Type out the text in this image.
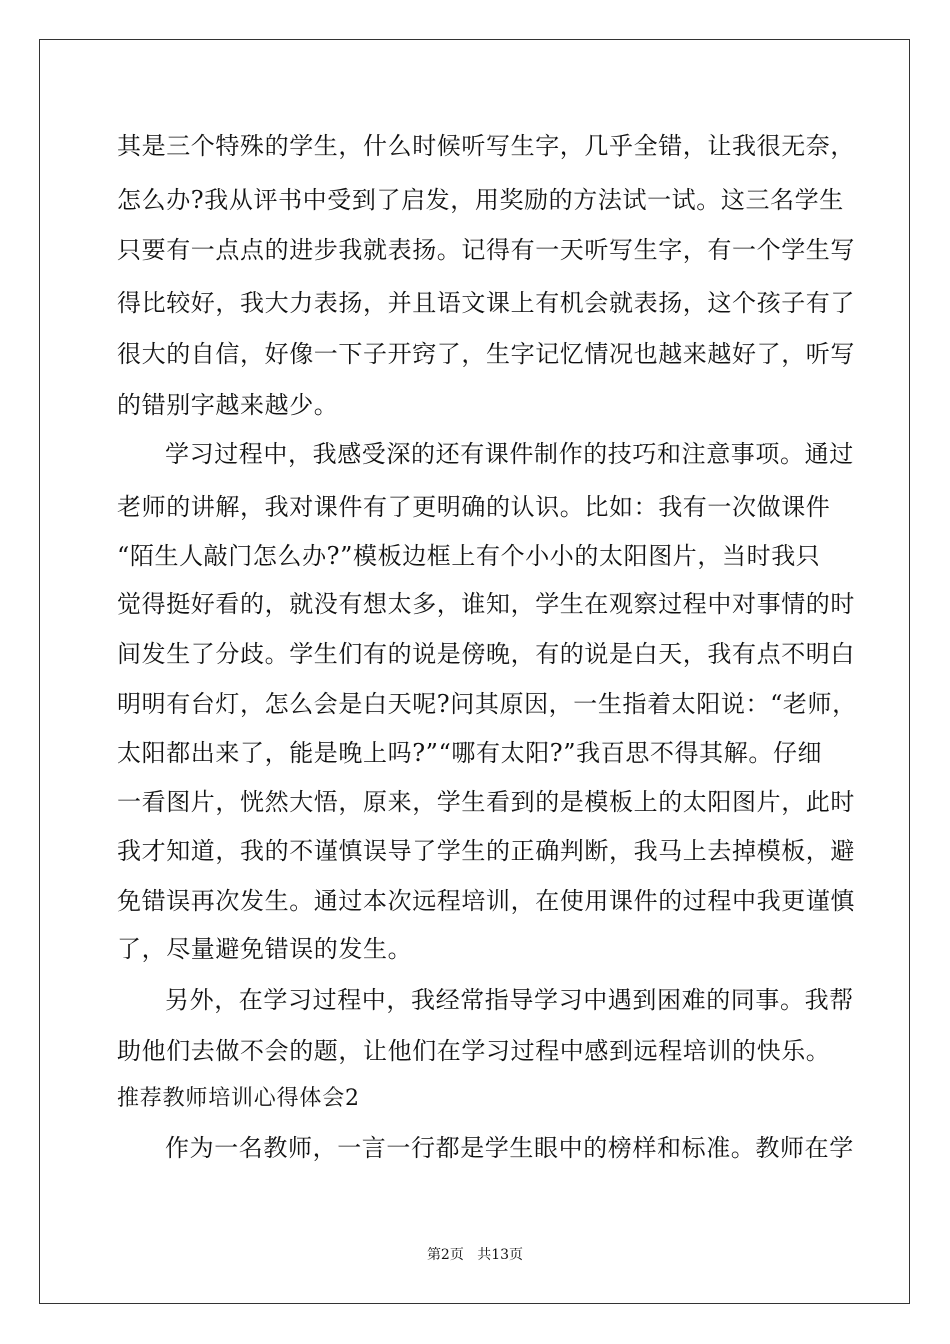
其是三个特殊的学生，什么时候听写生字，几乎全错，让我很无奈，
怎么办?我从评书中受到了启发，用奖励的方法试一试。这三名学生
只要有一点点的进步我就表扬。记得有一天听写生字，有一个学生写
得比较好，我大力表扬，并且语文课上有机会就表扬，这个孩子有了
很大的自信，好像一下子开窍了，生字记忆情况也越来越好了，听写
的错别字越来越少。
学习过程中，我感受深的还有课件制作的技巧和注意事项。通过
老师的讲解，我对课件有了更明确的认识。比如：我有一次做课件
“陌生人敲门怎么办?”模板边框上有个小小的太阳图片，当时我只
觉得挺好看的，就没有想太多，谁知，学生在观察过程中对事情的时
间发生了分歧。学生们有的说是傍晚，有的说是白天，我有点不明白
明明有台灯，怎么会是白天呢?问其原因，一生指着太阳说：“老师，
太阳都出来了，能是晚上吗?”“哪有太阳?”我百思不得其解。仔细
一看图片，恍然大悟，原来，学生看到的是模板上的太阳图片，此时
我才知道，我的不谨慎误导了学生的正确判断，我马上去掉模板，避
免错误再次发生。通过本次远程培训，在使用课件的过程中我更谨慎
了，尽量避免错误的发生。
另外，在学习过程中，我经常指导学习中遇到困难的同事。我帮
助他们去做不会的题，让他们在学习过程中感到远程培训的快乐。
推荐教师培训心得体会2
作为一名教师，一言一行都是学生眼中的榜样和标准。教师在学
第2页 共13页
